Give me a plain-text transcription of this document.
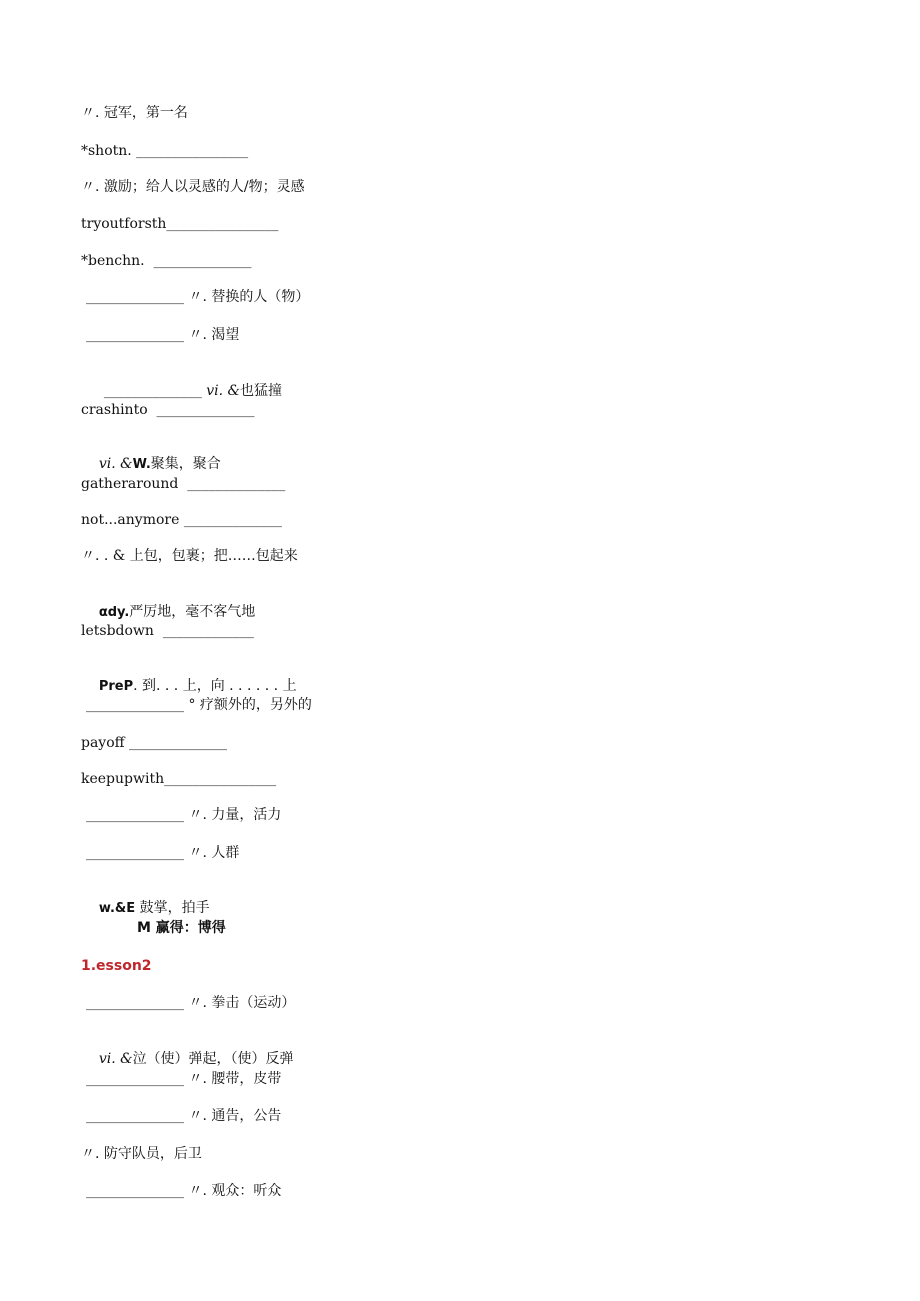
〃. 冠军，第一名
*shotn. ________________
〃. 激励；给人以灵感的人/物；灵感
tryoutforsth________________
*benchn.  ______________
______________ 〃. 替换的人（物）
______________ 〃. 渴望

______________ vi. &也猛撞

crashinto  ______________

vi. &W.聚集，聚合

gatheraround  ______________
not...anymore ______________
〃. . & 上包，包裹；把……包起来

αdy.严厉地，毫不客气地

letsbdown  _____________

PreP. 到. . . 上，向 . . . . . . 上

______________ ° 疗额外的，另外的
payoff ______________
keepupwith________________
______________ 〃. 力量，活力
______________ 〃. 人群

w.&E 鼓掌，拍手

M 赢得：博得
1.esson2
______________ 〃. 拳击（运动）

vi. &泣（使）弹起，（使）反弹

______________ 〃. 腰带，皮带
______________ 〃. 通告，公告
〃. 防守队员，后卫
______________ 〃. 观众：听众
